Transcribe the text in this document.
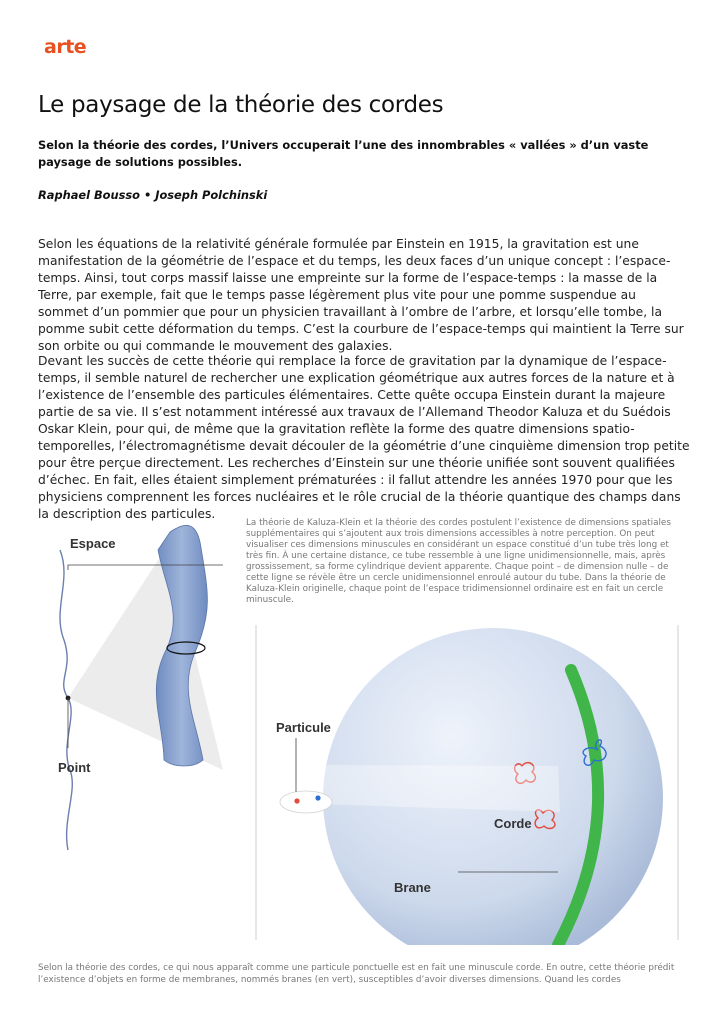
arte
Le paysage de la théorie des cordes

Selon la théorie des cordes, l’Univers occuperait l’une des innombrables « vallées » d’un vaste paysage de solutions possibles.

Raphael Bousso • Joseph Polchinski

Selon les équations de la relativité générale formulée par Einstein en 1915, la gravitation est une manifestation de la géométrie de l’espace et du temps, les deux faces d’un unique concept : l’espace-temps. Ainsi, tout corps massif laisse une empreinte sur la forme de l’espace-temps : la masse de la Terre, par exemple, fait que le temps passe légèrement plus vite pour une pomme suspendue au sommet d’un pommier que pour un physicien travaillant à l’ombre de l’arbre, et lorsqu’elle tombe, la pomme subit cette déformation du temps. C’est la courbure de l’espace-temps qui maintient la Terre sur son orbite ou qui commande le mouvement des galaxies.

Devant les succès de cette théorie qui remplace la force de gravitation par la dynamique de l’espace-temps, il semble naturel de rechercher une explication géométrique aux autres forces de la nature et à l’existence de l’ensemble des particules élémentaires. Cette quête occupa Einstein durant la majeure partie de sa vie. Il s’est notamment intéressé aux travaux de l’Allemand Theodor Kaluza et du Suédois Oskar Klein, pour qui, de même que la gravitation reflète la forme des quatre dimensions spatio-temporelles, l’électromagnétisme devait découler de la géométrie d’une cinquième dimension trop petite pour être perçue directement. Les recherches d’Einstein sur une théorie unifiée sont souvent qualifiées d’échec. En fait, elles étaient simplement prématurées : il fallut attendre les années 1970 pour que les physiciens comprennent les forces nucléaires et le rôle crucial de la théorie quantique des champs dans la description des particules.

La théorie de Kaluza-Klein et la théorie des cordes postulent l’existence de dimensions spatiales supplémentaires qui s’ajoutent aux trois dimensions accessibles à notre perception. On peut visualiser ces dimensions minuscules en considérant un espace constitué d’un tube très long et très fin. À une certaine distance, ce tube ressemble à une ligne unidimensionnelle, mais, après grossissement, sa forme cylindrique devient apparente. Chaque point – de dimension nulle – de cette ligne se révèle être un cercle unidimensionnel enroulé autour du tube. Dans la théorie de Kaluza-Klein originelle, chaque point de l’espace tridimensionnel ordinaire est en fait un cercle minuscule.

Espace
Point
Particule
Corde
Brane

Selon la théorie des cordes, ce qui nous apparaît comme une particule ponctuelle est en fait une minuscule corde. En outre, cette théorie prédit l’existence d’objets en forme de membranes, nommés branes (en vert), susceptibles d’avoir diverses dimensions. Quand les cordes
